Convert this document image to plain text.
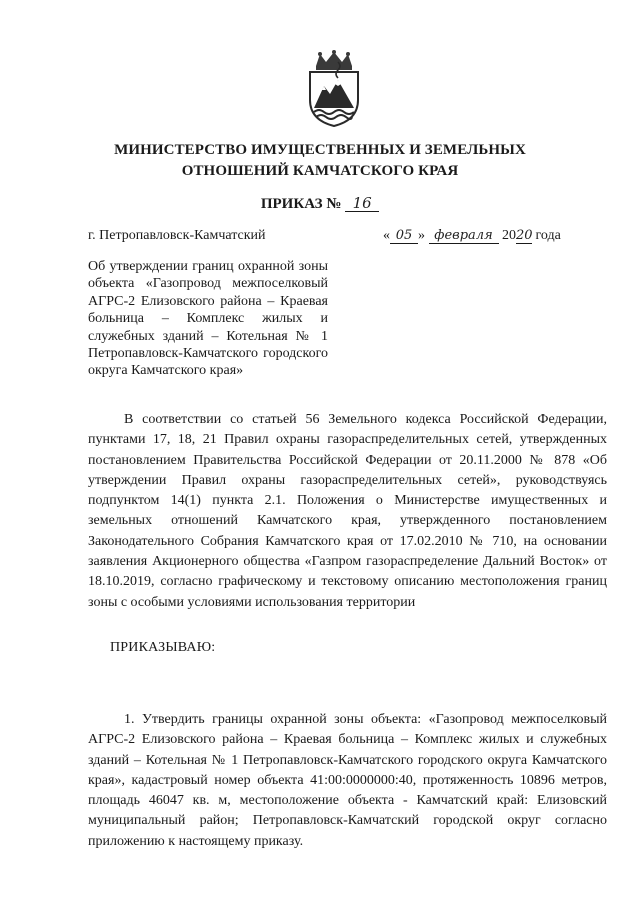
МИНИСТЕРСТВО ИМУЩЕСТВЕННЫХ И ЗЕМЕЛЬНЫХ
ОТНОШЕНИЙ КАМЧАТСКОГО КРАЯ
ПРИКАЗ № 16
г. Петропавловск-Камчатский	« 05 » февраля 2020 года
Об утверждении границ охранной зоны объекта «Газопровод межпоселковый АГРС-2 Елизовского района – Краевая больница – Комплекс жилых и служебных зданий – Котельная № 1 Петропавловск-Камчатского городского округа Камчатского края»
В соответствии со статьей 56 Земельного кодекса Российской Федерации, пунктами 17, 18, 21 Правил охраны газораспределительных сетей, утвержденных постановлением Правительства Российской Федерации от 20.11.2000 № 878 «Об утверждении Правил охраны газораспределительных сетей», руководствуясь подпунктом 14(1) пункта 2.1. Положения о Министерстве имущественных и земельных отношений Камчатского края, утвержденного постановлением Законодательного Собрания Камчатского края от 17.02.2010 № 710, на основании заявления Акционерного общества «Газпром газораспределение Дальний Восток» от 18.10.2019, согласно графическому и текстовому описанию местоположения границ зоны с особыми условиями использования территории
ПРИКАЗЫВАЮ:
1. Утвердить границы охранной зоны объекта: «Газопровод межпоселковый АГРС-2 Елизовского района – Краевая больница – Комплекс жилых и служебных зданий – Котельная № 1 Петропавловск-Камчатского городского округа Камчатского края», кадастровый номер объекта 41:00:0000000:40, протяженность 10896 метров, площадь 46047 кв. м, местоположение объекта - Камчатский край: Елизовский муниципальный район; Петропавловск-Камчатский городской округ согласно приложению к настоящему приказу.
